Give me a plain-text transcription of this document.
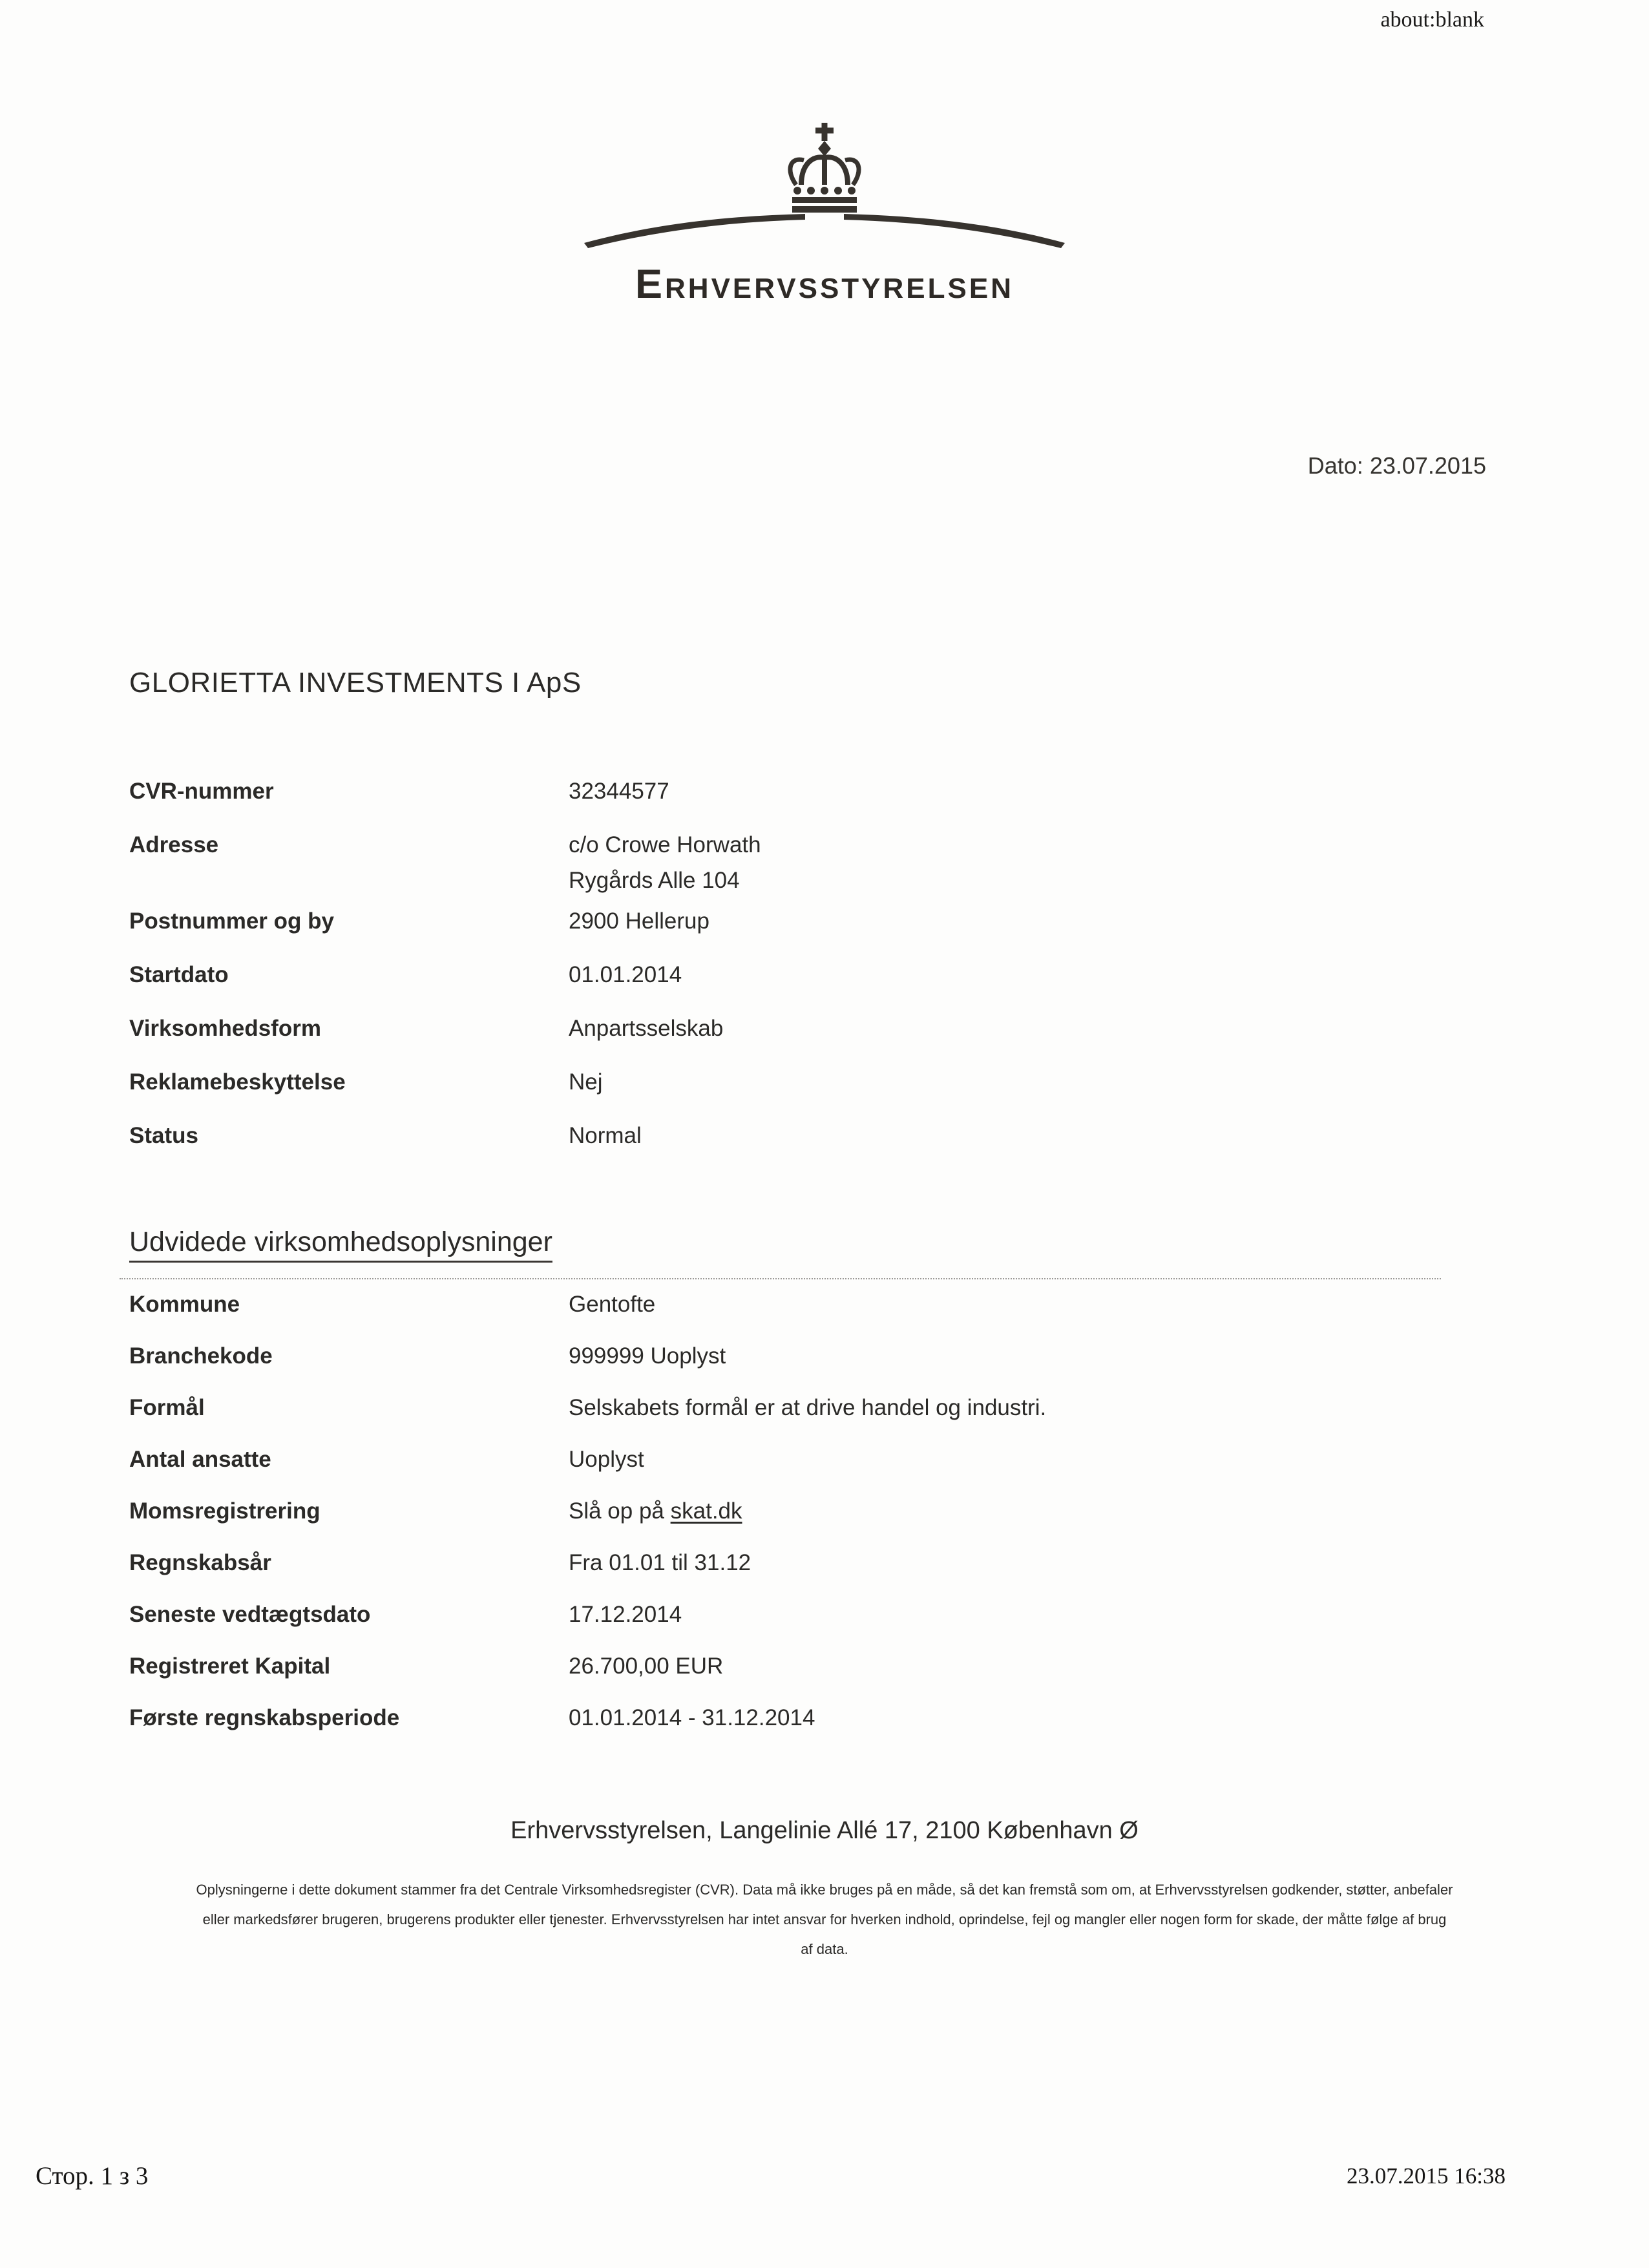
about:blank
Erhvervsstyrelsen
Dato: 23.07.2015
GLORIETTA INVESTMENTS I ApS
CVR-nummer	32344577
Adresse	c/o Crowe Horwath
Rygårds Alle 104
Postnummer og by	2900 Hellerup
Startdato	01.01.2014
Virksomhedsform	Anpartsselskab
Reklamebeskyttelse	Nej
Status	Normal
Udvidede virksomhedsoplysninger
Kommune	Gentofte
Branchekode	999999 Uoplyst
Formål	Selskabets formål er at drive handel og industri.
Antal ansatte	Uoplyst
Momsregistrering	Slå op på skat.dk
Regnskabsår	Fra 01.01 til 31.12
Seneste vedtægtsdato	17.12.2014
Registreret Kapital	26.700,00 EUR
Første regnskabsperiode	01.01.2014 - 31.12.2014
Erhvervsstyrelsen, Langelinie Allé 17, 2100 København Ø
Oplysningerne i dette dokument stammer fra det Centrale Virksomhedsregister (CVR). Data må ikke bruges på en måde, så det kan fremstå som om, at Erhvervsstyrelsen godkender, støtter, anbefaler
eller markedsfører brugeren, brugerens produkter eller tjenester. Erhvervsstyrelsen har intet ansvar for hverken indhold, oprindelse, fejl og mangler eller nogen form for skade, der måtte følge af brug
af data.
Стор. 1 з 3	23.07.2015 16:38
